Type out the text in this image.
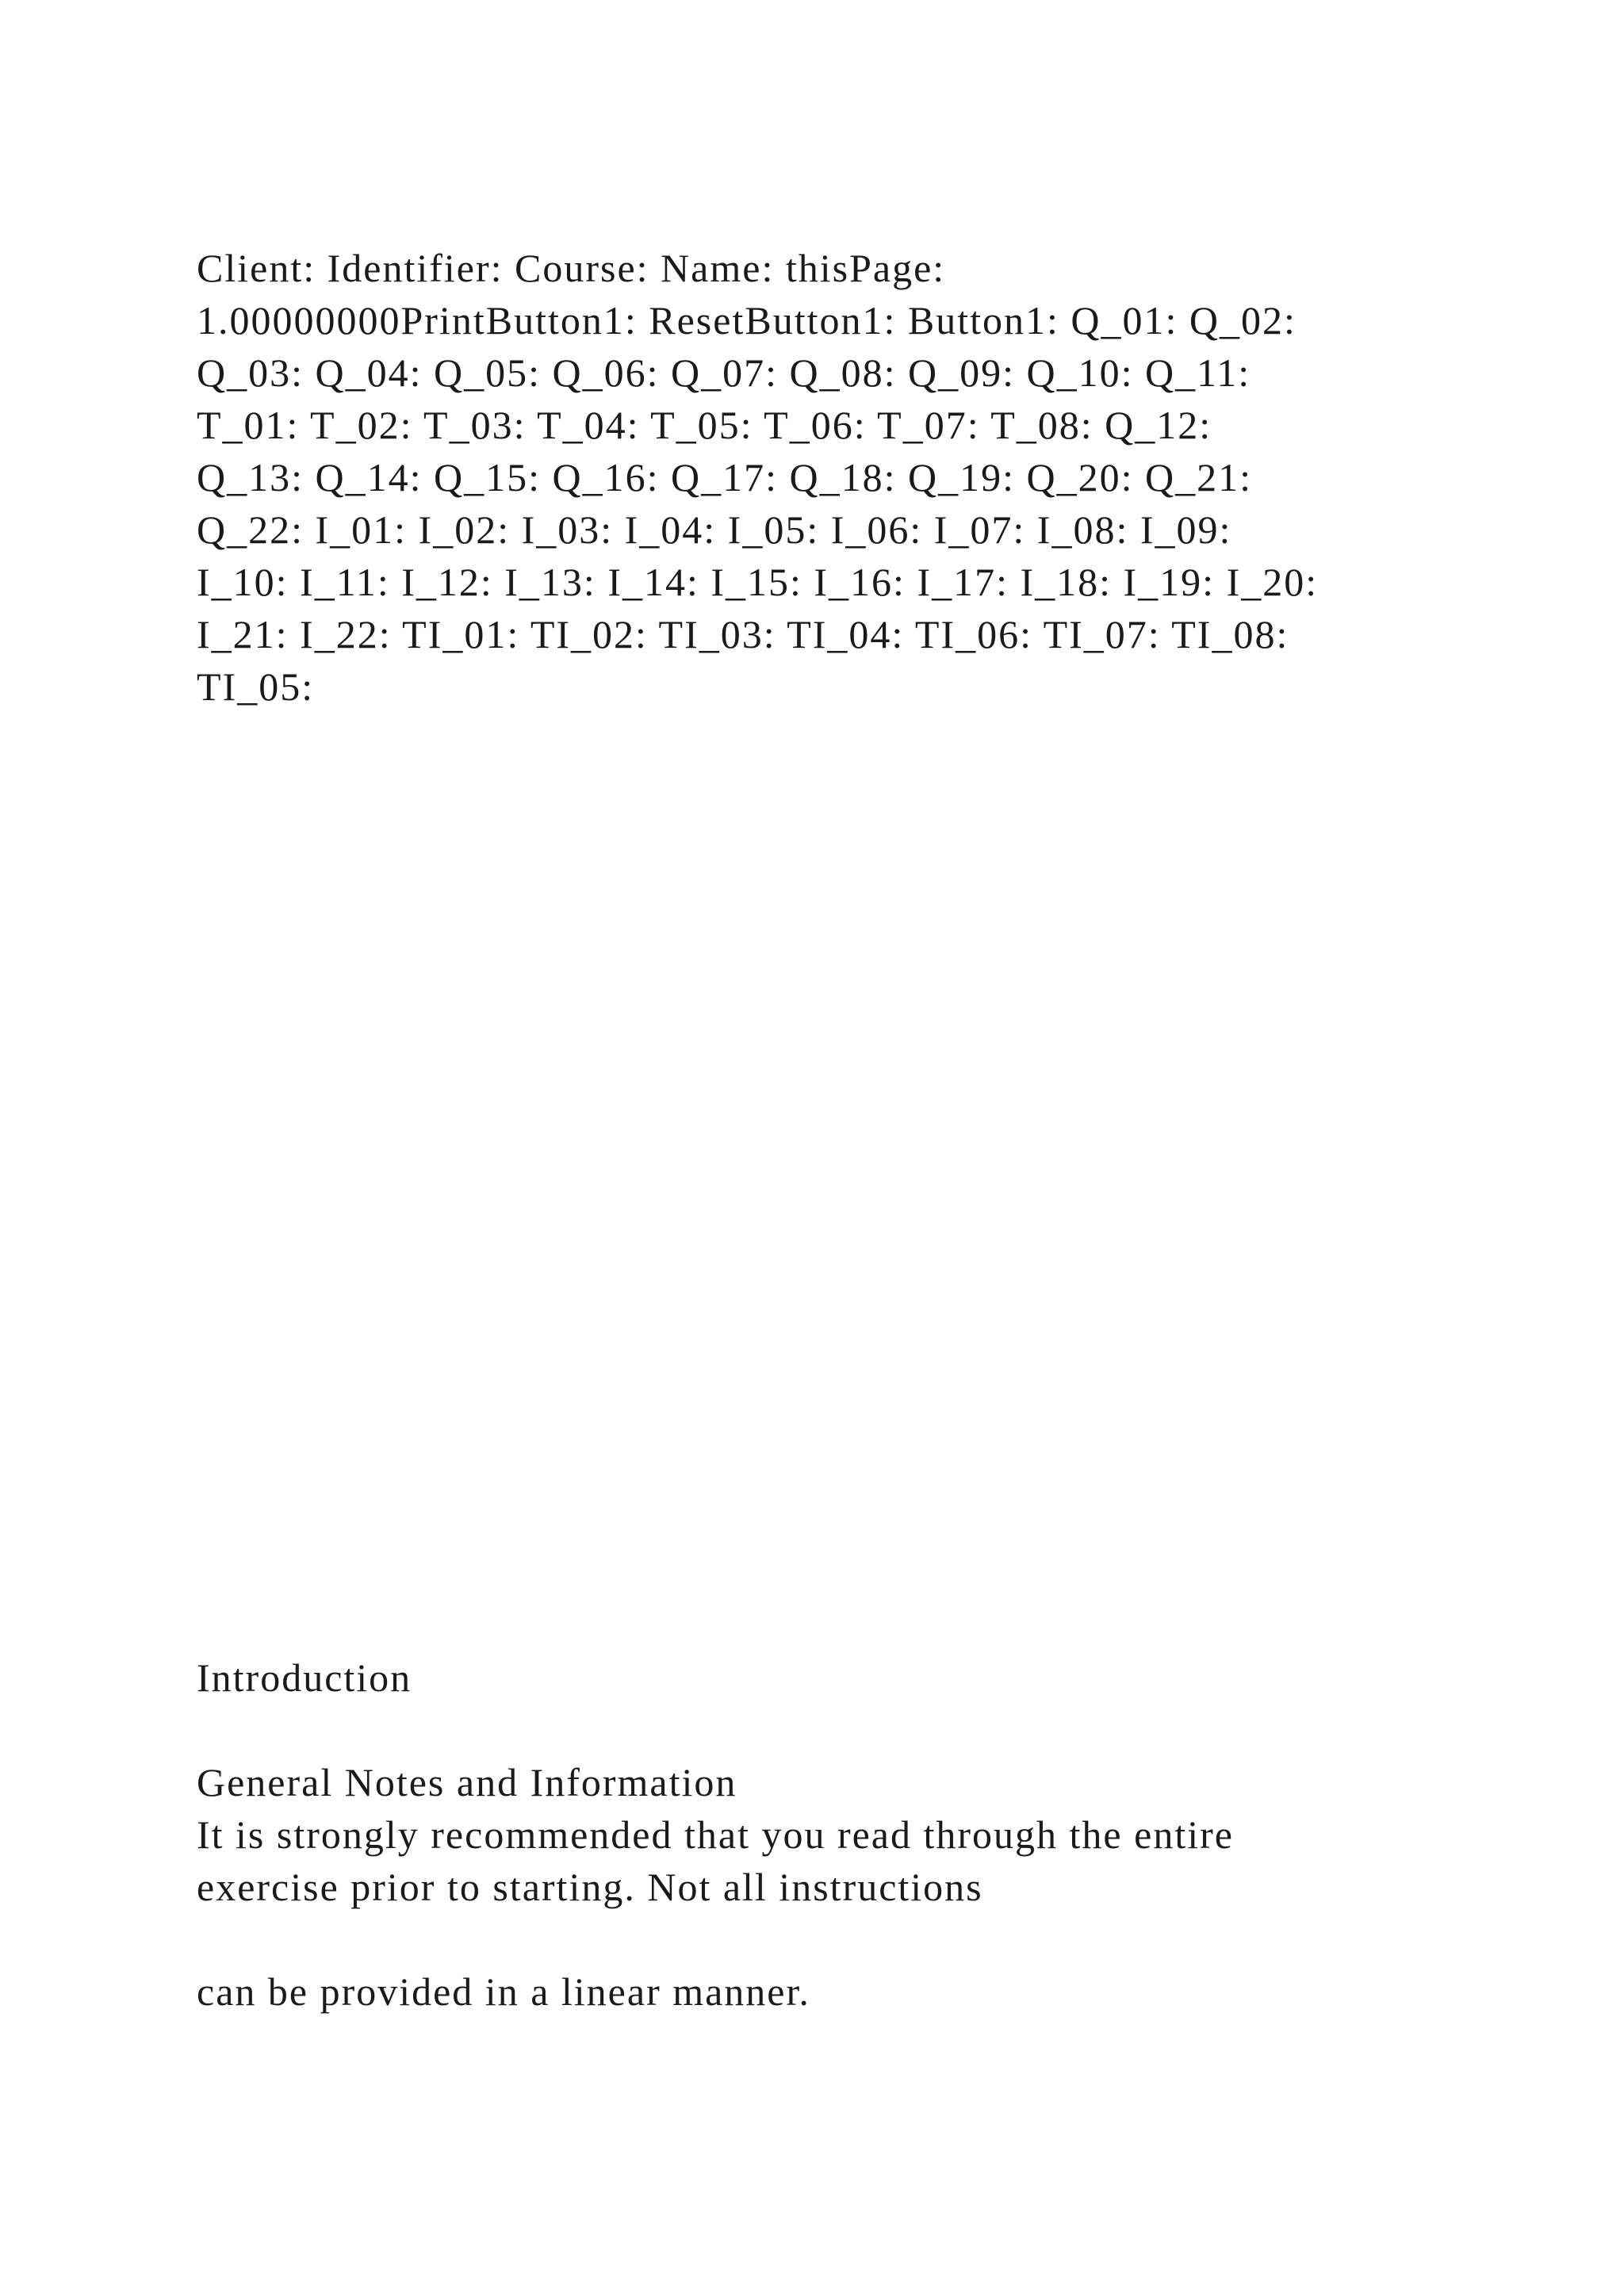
Client: Identifier: Course: Name: thisPage:
1.00000000PrintButton1: ResetButton1: Button1: Q_01: Q_02:
Q_03: Q_04: Q_05: Q_06: Q_07: Q_08: Q_09: Q_10: Q_11:
T_01: T_02: T_03: T_04: T_05: T_06: T_07: T_08: Q_12:
Q_13: Q_14: Q_15: Q_16: Q_17: Q_18: Q_19: Q_20: Q_21:
Q_22: I_01: I_02: I_03: I_04: I_05: I_06: I_07: I_08: I_09:
I_10: I_11: I_12: I_13: I_14: I_15: I_16: I_17: I_18: I_19: I_20:
I_21: I_22: TI_01: TI_02: TI_03: TI_04: TI_06: TI_07: TI_08:
TI_05:
Introduction
General Notes and Information

It is strongly recommended that you read through the entire
exercise prior to starting. Not all instructions

can be provided in a linear manner.
